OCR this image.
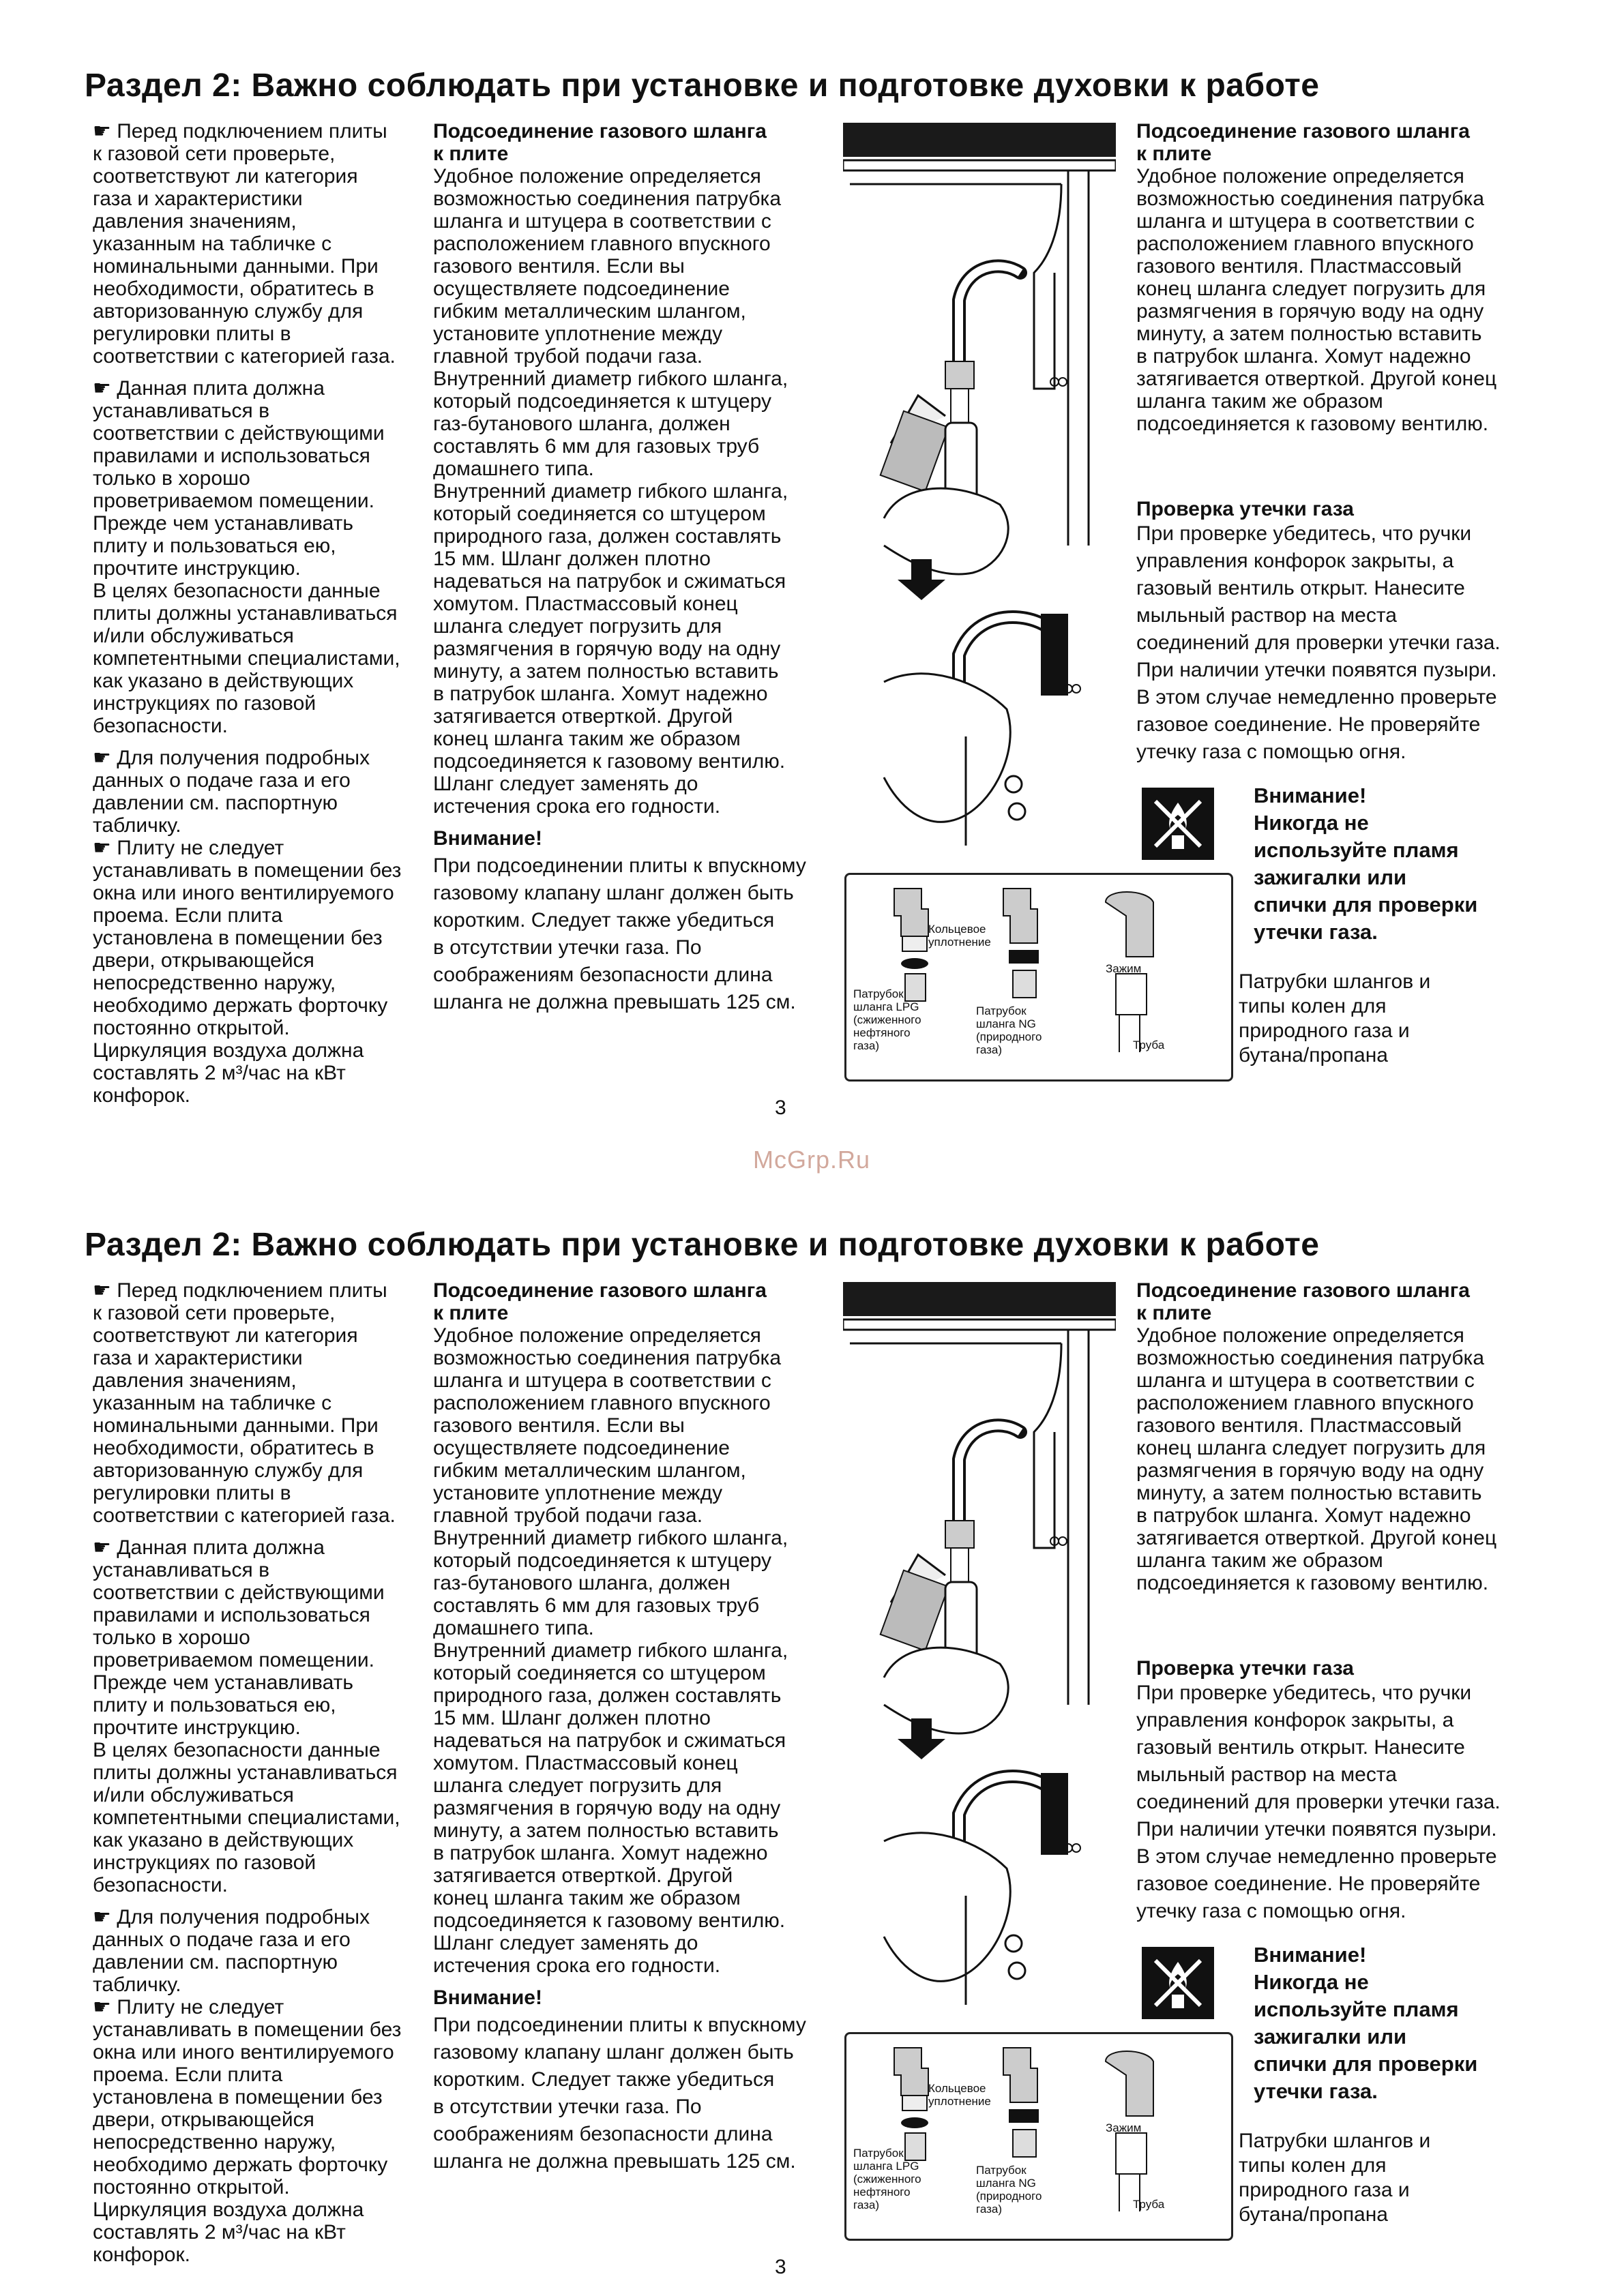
Раздел 2: Важно соблюдать при установке и подготовке духовки к работе

☛ Перед подключением плиты
к газовой сети проверьте,
соответствуют ли категория
газа и характеристики
давления значениям,
указанным на табличке с
номинальными данными. При
необходимости, обратитесь в
авторизованную службу для
регулировки плиты в
соответствии с категорией газа.

☛ Данная плита должна
устанавливаться в
соответствии с действующими
правилами и использоваться
только в хорошо
проветриваемом помещении.
Прежде чем устанавливать
плиту и пользоваться ею,
прочтите инструкцию.
В целях безопасности данные
плиты должны устанавливаться
и/или обслуживаться
компетентными специалистами,
как указано в действующих
инструкциях по газовой
безопасности.

☛ Для получения подробных
данных о подаче газа и его
давлении см. паспортную
табличку.
☛ Плиту не следует
устанавливать в помещении без
окна или иного вентилируемого
проема. Если плита
установлена в помещении без
двери, открывающейся
непосредственно наружу,
необходимо держать форточку
постоянно открытой.
Циркуляция воздуха должна
составлять 2 м³/час на кВт
конфорок.

Подсоединение газового шланга
к плите

Удобное положение определяется
возможностью соединения патрубка
шланга и штуцера в соответствии с
расположением главного впускного
газового вентиля. Если вы
осуществляете подсоединение
гибким металлическим шлангом,
установите уплотнение между
главной трубой подачи газа.
Внутренний диаметр гибкого шланга,
который подсоединяется к штуцеру
газ-бутанового шланга, должен
составлять 6 мм для газовых труб
домашнего типа.
Внутренний диаметр гибкого шланга,
который соединяется со штуцером
природного газа, должен составлять
15 мм. Шланг должен плотно
надеваться на патрубок и сжиматься
хомутом. Пластмассовый конец
шланга следует погрузить для
размягчения в горячую воду на одну
минуту, а затем полностью вставить
в патрубок шланга. Хомут надежно
затягивается отверткой. Другой
конец шланга таким же образом
подсоединяется к газовому вентилю.
Шланг следует заменять до
истечения срока его годности.

Внимание!

При подсоединении плиты к впускному
газовому клапану шланг должен быть
коротким. Следует также убедиться
в отсутствии утечки газа. По
соображениям безопасности длина
шланга не должна превышать 125 см.

Кольцевое
уплотнение
Зажим
Патрубок
шланга LPG
(сжиженного
нефтяного
газа)
Патрубок
шланга NG
(природного
газа)	Труба
Подсоединение газового шланга
к плите

Удобное положение определяется
возможностью соединения патрубка
шланга и штуцера в соответствии с
расположением главного впускного
газового вентиля. Пластмассовый
конец шланга следует погрузить для
размягчения в горячую воду на одну
минуту, а затем полностью вставить
в патрубок шланга. Хомут надежно
затягивается отверткой. Другой конец
шланга таким же образом
подсоединяется к газовому вентилю.

Проверка утечки газа

При проверке убедитесь, что ручки
управления конфорок закрыты, а
газовый вентиль открыт. Нанесите
мыльный раствор на места
соединений для проверки утечки газа.
При наличии утечки появятся пузыри.
В этом случае немедленно проверьте
газовое соединение. Не проверяйте
утечку газа с помощью огня.

Внимание!
Никогда не
используйте пламя
зажигалки или
спички для проверки
утечки газа.
Патрубки шлангов и
типы колен для
природного газа и
бутана/пропана
3
McGrp.Ru
Раздел 2: Важно соблюдать при установке и подготовке духовки к работе

☛ Перед подключением плиты
к газовой сети проверьте,
соответствуют ли категория
газа и характеристики
давления значениям,
указанным на табличке с
номинальными данными. При
необходимости, обратитесь в
авторизованную службу для
регулировки плиты в
соответствии с категорией газа.

☛ Данная плита должна
устанавливаться в
соответствии с действующими
правилами и использоваться
только в хорошо
проветриваемом помещении.
Прежде чем устанавливать
плиту и пользоваться ею,
прочтите инструкцию.
В целях безопасности данные
плиты должны устанавливаться
и/или обслуживаться
компетентными специалистами,
как указано в действующих
инструкциях по газовой
безопасности.

☛ Для получения подробных
данных о подаче газа и его
давлении см. паспортную
табличку.
☛ Плиту не следует
устанавливать в помещении без
окна или иного вентилируемого
проема. Если плита
установлена в помещении без
двери, открывающейся
непосредственно наружу,
необходимо держать форточку
постоянно открытой.
Циркуляция воздуха должна
составлять 2 м³/час на кВт
конфорок.

Подсоединение газового шланга
к плите

Удобное положение определяется
возможностью соединения патрубка
шланга и штуцера в соответствии с
расположением главного впускного
газового вентиля. Если вы
осуществляете подсоединение
гибким металлическим шлангом,
установите уплотнение между
главной трубой подачи газа.
Внутренний диаметр гибкого шланга,
который подсоединяется к штуцеру
газ-бутанового шланга, должен
составлять 6 мм для газовых труб
домашнего типа.
Внутренний диаметр гибкого шланга,
который соединяется со штуцером
природного газа, должен составлять
15 мм. Шланг должен плотно
надеваться на патрубок и сжиматься
хомутом. Пластмассовый конец
шланга следует погрузить для
размягчения в горячую воду на одну
минуту, а затем полностью вставить
в патрубок шланга. Хомут надежно
затягивается отверткой. Другой
конец шланга таким же образом
подсоединяется к газовому вентилю.
Шланг следует заменять до
истечения срока его годности.

Внимание!

При подсоединении плиты к впускному
газовому клапану шланг должен быть
коротким. Следует также убедиться
в отсутствии утечки газа. По
соображениям безопасности длина
шланга не должна превышать 125 см.

Кольцевое
уплотнение
Зажим
Патрубок
шланга LPG
(сжиженного
нефтяного
газа)
Патрубок
шланга NG
(природного
газа)	Труба
Подсоединение газового шланга
к плите

Удобное положение определяется
возможностью соединения патрубка
шланга и штуцера в соответствии с
расположением главного впускного
газового вентиля. Пластмассовый
конец шланга следует погрузить для
размягчения в горячую воду на одну
минуту, а затем полностью вставить
в патрубок шланга. Хомут надежно
затягивается отверткой. Другой конец
шланга таким же образом
подсоединяется к газовому вентилю.

Проверка утечки газа

При проверке убедитесь, что ручки
управления конфорок закрыты, а
газовый вентиль открыт. Нанесите
мыльный раствор на места
соединений для проверки утечки газа.
При наличии утечки появятся пузыри.
В этом случае немедленно проверьте
газовое соединение. Не проверяйте
утечку газа с помощью огня.

Внимание!
Никогда не
используйте пламя
зажигалки или
спички для проверки
утечки газа.
Патрубки шлангов и
типы колен для
природного газа и
бутана/пропана
3
